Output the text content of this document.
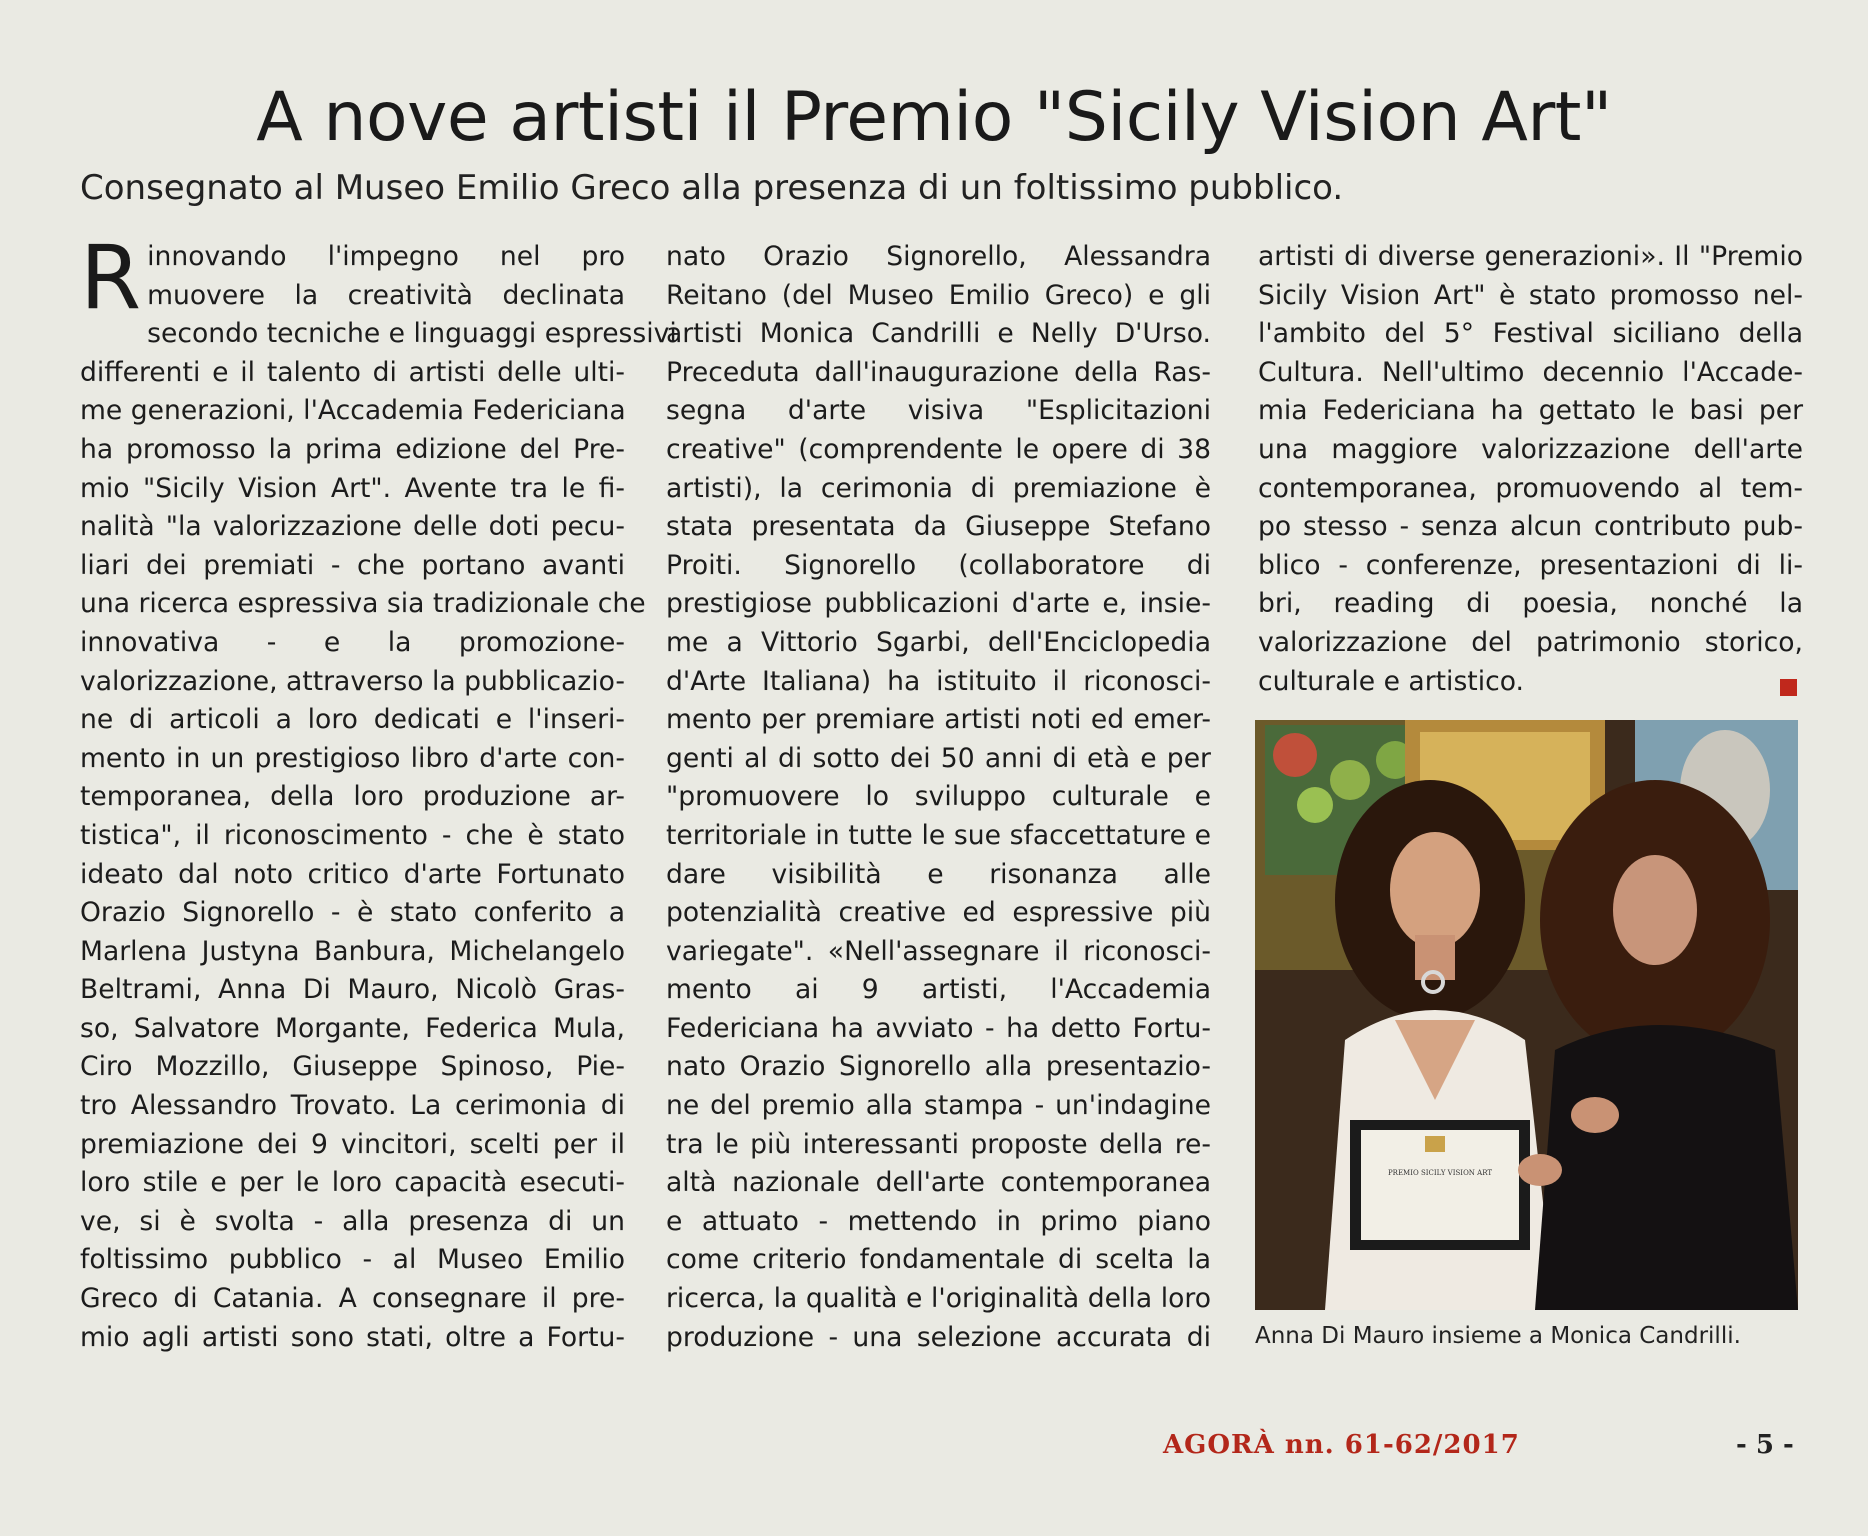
A nove artisti il Premio "Sicily Vision Art"
Consegnato al Museo Emilio Greco alla presenza di un foltissimo pubblico.
R innovando l'impegno nel pro
muovere la creatività declinata
secondo tecniche e linguaggi espressivi
differenti e il talento di artisti delle ulti-
me generazioni, l'Accademia Federiciana
ha promosso la prima edizione del Pre-
mio "Sicily Vision Art". Avente tra le fi-
nalità "la valorizzazione delle doti pecu-
liari dei premiati - che portano avanti
una ricerca espressiva sia tradizionale che
innovativa - e la promozione-
valorizzazione, attraverso la pubblicazio-
ne di articoli a loro dedicati e l'inseri-
mento in un prestigioso libro d'arte con-
temporanea, della loro produzione ar-
tistica", il riconoscimento - che è stato
ideato dal noto critico d'arte Fortunato
Orazio Signorello - è stato conferito a
Marlena Justyna Banbura, Michelangelo
Beltrami, Anna Di Mauro, Nicolò Gras-
so, Salvatore Morgante, Federica Mula,
Ciro Mozzillo, Giuseppe Spinoso, Pie-
tro Alessandro Trovato. La cerimonia di
premiazione dei 9 vincitori, scelti per il
loro stile e per le loro capacità esecuti-
ve, si è svolta - alla presenza di un
foltissimo pubblico - al Museo Emilio
Greco di Catania. A consegnare il pre-
mio agli artisti sono stati, oltre a Fortu-
nato Orazio Signorello, Alessandra
Reitano (del Museo Emilio Greco) e gli
artisti Monica Candrilli e Nelly D'Urso.
Preceduta dall'inaugurazione della Ras-
segna d'arte visiva "Esplicitazioni
creative" (comprendente le opere di 38
artisti), la cerimonia di premiazione è
stata presentata da Giuseppe Stefano
Proiti. Signorello (collaboratore di
prestigiose pubblicazioni d'arte e, insie-
me a Vittorio Sgarbi, dell'Enciclopedia
d'Arte Italiana) ha istituito il riconosci-
mento per premiare artisti noti ed emer-
genti al di sotto dei 50 anni di età e per
"promuovere lo sviluppo culturale e
territoriale in tutte le sue sfaccettature e
dare visibilità e risonanza alle
potenzialità creative ed espressive più
variegate". «Nell'assegnare il riconosci-
mento ai 9 artisti, l'Accademia
Federiciana ha avviato - ha detto Fortu-
nato Orazio Signorello alla presentazio-
ne del premio alla stampa - un'indagine
tra le più interessanti proposte della re-
altà nazionale dell'arte contemporanea
e attuato - mettendo in primo piano
come criterio fondamentale di scelta la
ricerca, la qualità e l'originalità della loro
produzione - una selezione accurata di
artisti di diverse generazioni». Il "Premio
Sicily Vision Art" è stato promosso nel-
l'ambito del 5° Festival siciliano della
Cultura. Nell'ultimo decennio l'Accade-
mia Federiciana ha gettato le basi per
una maggiore valorizzazione dell'arte
contemporanea, promuovendo al tem-
po stesso - senza alcun contributo pub-
blico - conferenze, presentazioni di li-
bri, reading di poesia, nonché la
valorizzazione del patrimonio storico,
culturale e artistico.
PREMIO SICILY VISION ART
Anna Di Mauro insieme a Monica Candrilli.
AGORÀ nn. 61-62/2017	- 5 -
